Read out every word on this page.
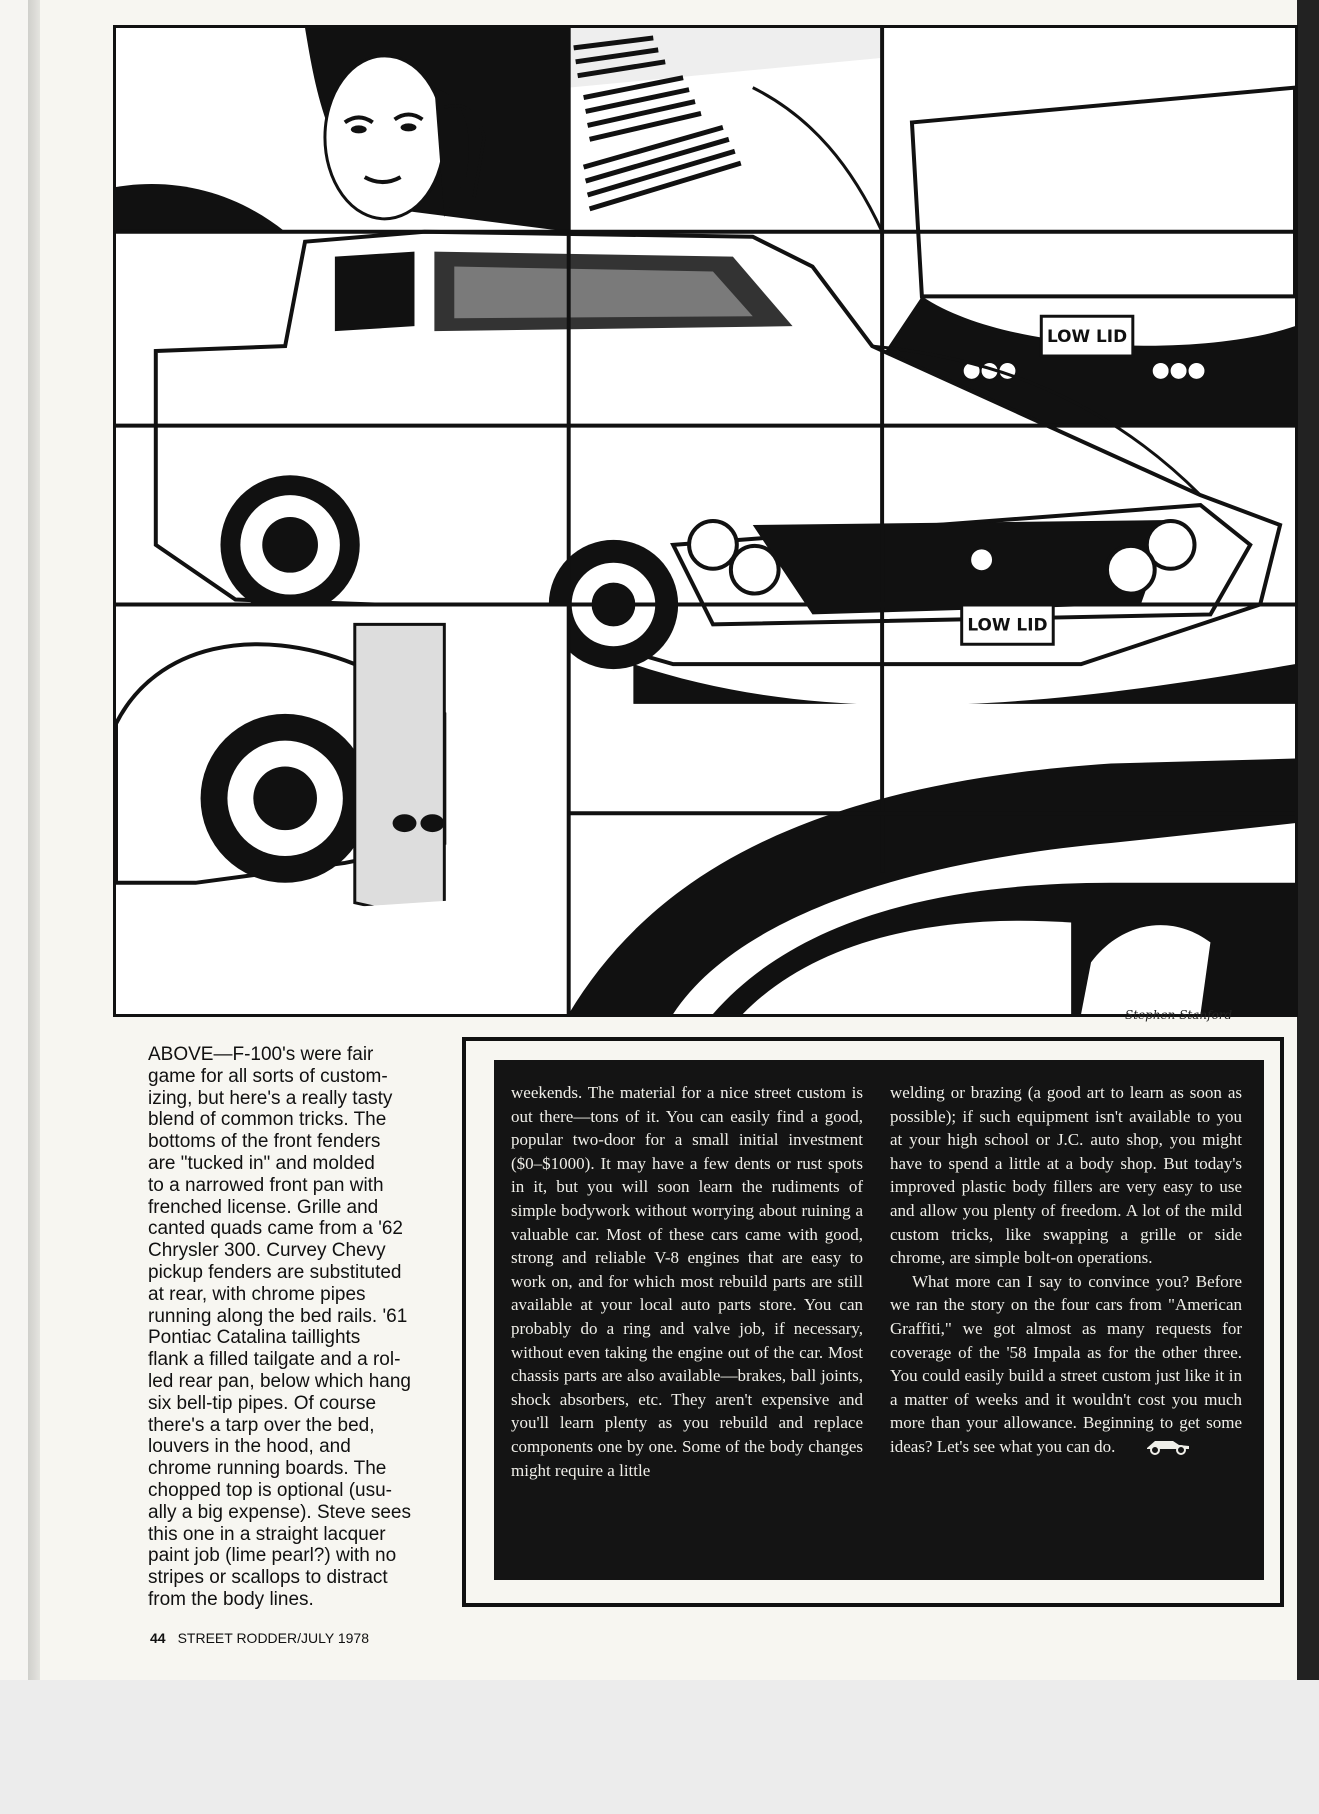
LOW LID
LOW LID
Stephen Stanford
ABOVE—F-100's were fair
game for all sorts of custom-
izing, but here's a really tasty
blend of common tricks. The
bottoms of the front fenders
are "tucked in" and molded
to a narrowed front pan with
frenched license. Grille and
canted quads came from a '62
Chrysler 300. Curvey Chevy
pickup fenders are substituted
at rear, with chrome pipes
running along the bed rails. '61
Pontiac Catalina taillights
flank a filled tailgate and a rol-
led rear pan, below which hang
six bell-tip pipes. Of course
there's a tarp over the bed,
louvers in the hood, and
chrome running boards. The
chopped top is optional (usu-
ally a big expense). Steve sees
this one in a straight lacquer
paint job (lime pearl?) with no
stripes or scallops to distract
from the body lines.

weekends. The material for a nice street custom is out there—tons of it. You can easily find a good, popular two-door for a small initial investment ($0–$1000). It may have a few dents or rust spots in it, but you will soon learn the rudiments of simple bodywork without worrying about ruining a valuable car. Most of these cars came with good, strong and reliable V-8 engines that are easy to work on, and for which most rebuild parts are still available at your local auto parts store. You can probably do a ring and valve job, if necessary, without even taking the engine out of the car. Most chassis parts are also available—brakes, ball joints, shock absorbers, etc. They aren't expensive and you'll learn plenty as you rebuild and replace components one by one. Some of the body changes might require a little

welding or brazing (a good art to learn as soon as possible); if such equipment isn't available to you at your high school or J.C. auto shop, you might have to spend a little at a body shop. But today's improved plastic body fillers are very easy to use and allow you plenty of freedom. A lot of the mild custom tricks, like swapping a grille or side chrome, are simple bolt-on operations.

What more can I say to convince you? Before we ran the story on the four cars from "American Graffiti," we got almost as many requests for coverage of the '58 Impala as for the other three. You could easily build a street custom just like it in a matter of weeks and it wouldn't cost you much more than your allowance. Beginning to get some ideas? Let's see what you can do.

44 STREET RODDER/JULY 1978
